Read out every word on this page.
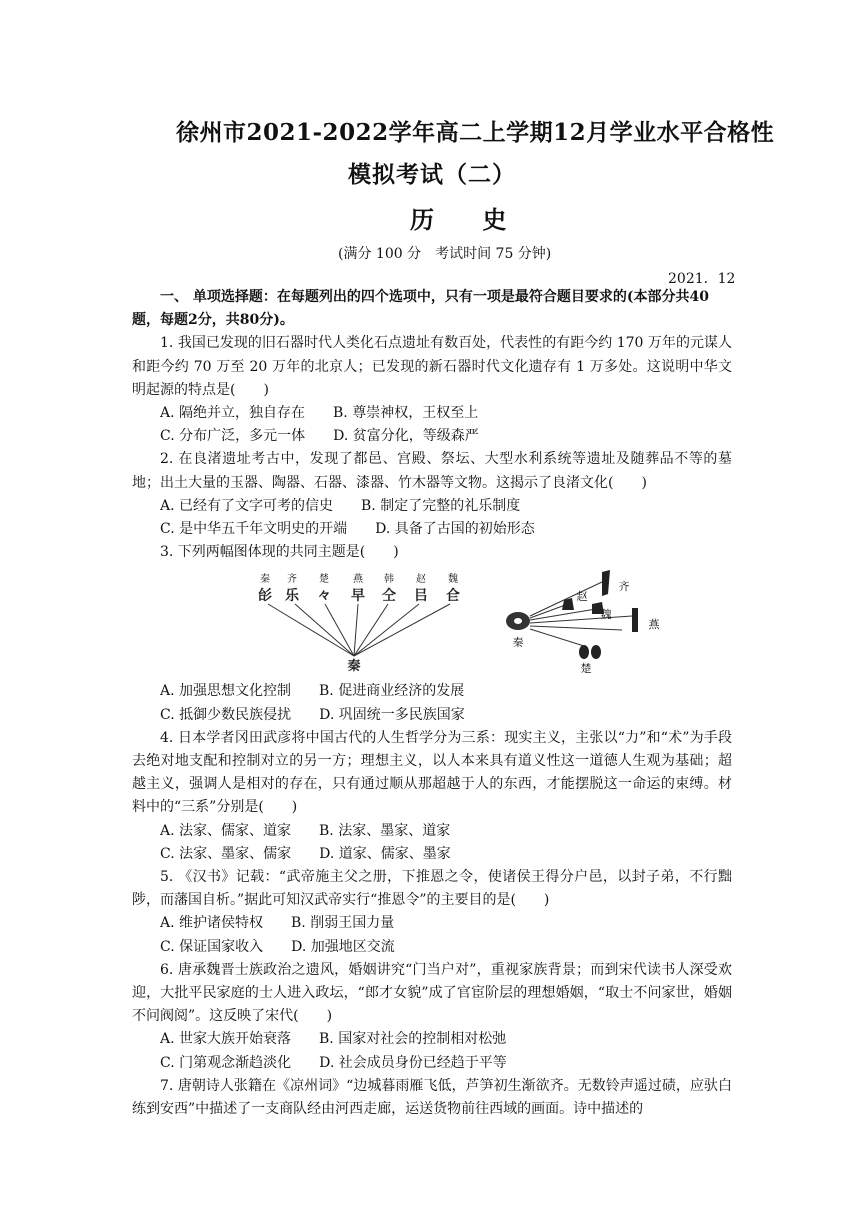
徐州市2021-2022学年高二上学期12月学业水平合格性
模拟考试（二）
历 史
(满分 100 分　考试时间 75 分钟)
2021．12

一、 单项选择题：在每题列出的四个选项中，只有一项是最符合题目要求的(本部分共40题，每题2分，共80分)。

1. 我国已发现的旧石器时代人类化石点遗址有数百处，代表性的有距今约 170 万年的元谋人和距今约 70 万至 20 万年的北京人；已发现的新石器时代文化遗存有 1 万多处。这说明中华文明起源的特点是(　　)

A. 隔绝并立，独自存在　　B. 尊崇神权，王权至上

C. 分布广泛，多元一体　　D. 贫富分化，等级森严

2. 在良渚遗址考古中，发现了都邑、宫殿、祭坛、大型水利系统等遗址及随葬品不等的墓地；出土大量的玉器、陶器、石器、漆器、竹木器等文物。这揭示了良渚文化(　　)

A. 已经有了文字可考的信史　　B. 制定了完整的礼乐制度

C. 是中华五千年文明史的开端　　D. 具备了古国的初始形态

3. 下列两幅图体现的共同主题是(　　)

秦 齐 楚 燕 韩 赵 魏
㣍 乐 𠚤 早 仝 㠯 仺
秦
齐
赵
魏
燕
秦
楚

A. 加强思想文化控制　　B. 促进商业经济的发展

C. 抵御少数民族侵扰　　D. 巩固统一多民族国家

4. 日本学者冈田武彦将中国古代的人生哲学分为三系：现实主义，主张以“力”和“术”为手段去绝对地支配和控制对立的另一方；理想主义，以人本来具有道义性这一道德人生观为基础；超越主义，强调人是相对的存在，只有通过顺从那超越于人的东西，才能摆脱这一命运的束缚。材料中的“三系”分别是(　　)

A. 法家、儒家、道家　　B. 法家、墨家、道家

C. 法家、墨家、儒家　　D. 道家、儒家、墨家

5. 《汉书》记载：“武帝施主父之册，下推恩之令，使诸侯王得分户邑，以封子弟，不行黜陟，而藩国自析。”据此可知汉武帝实行“推恩令”的主要目的是(　　)

A. 维护诸侯特权　　B. 削弱王国力量

C. 保证国家收入　　D. 加强地区交流

6. 唐承魏晋士族政治之遗风，婚姻讲究“门当户对”，重视家族背景；而到宋代读书人深受欢迎，大批平民家庭的士人进入政坛，“郎才女貌”成了官宦阶层的理想婚姻，“取士不问家世，婚姻不问阀阅”。这反映了宋代(　　)

A. 世家大族开始衰落　　B. 国家对社会的控制相对松弛

C. 门第观念渐趋淡化　　D. 社会成员身份已经趋于平等

7. 唐朝诗人张籍在《凉州词》“边城暮雨雁飞低，芦笋初生渐欲齐。无数铃声遥过碛，应驮白练到安西”中描述了一支商队经由河西走廊，运送货物前往西域的画面。诗中描述的
